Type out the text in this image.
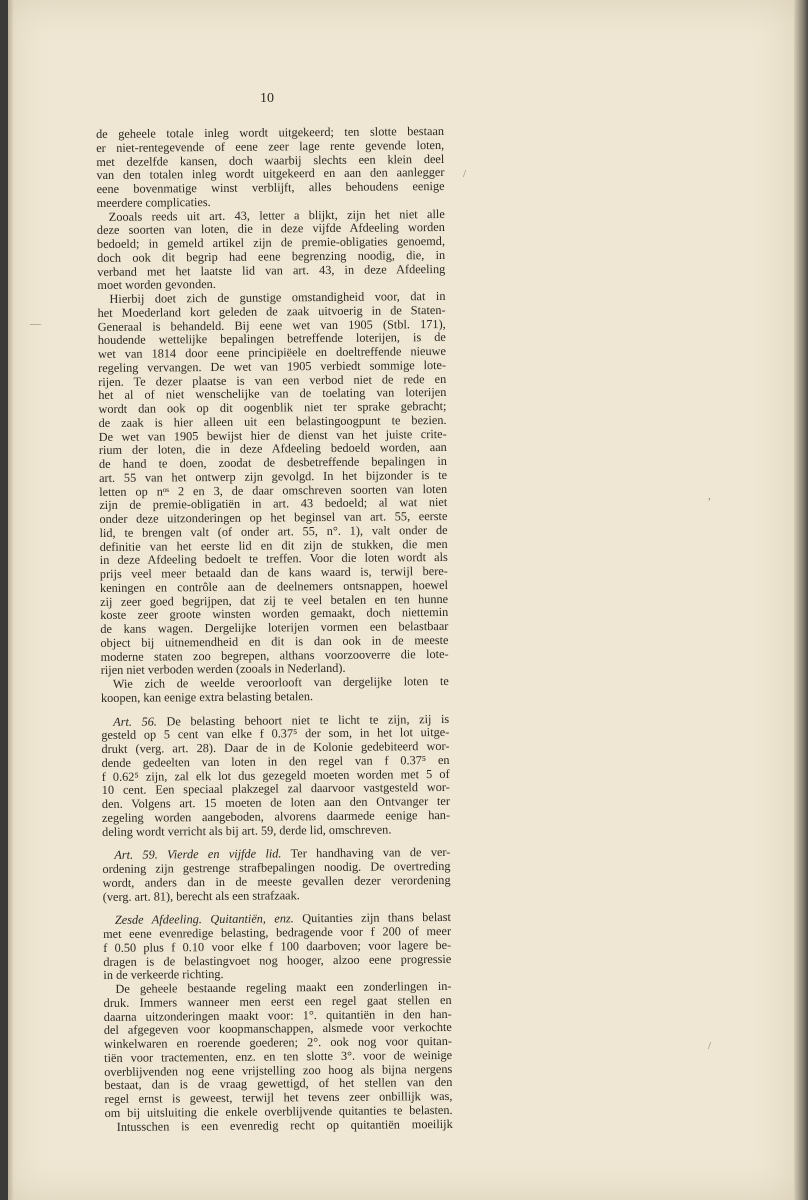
10
de geheele totale inleg wordt uitgekeerd; ten slotte bestaan
er niet-rentegevende of eene zeer lage rente gevende loten,
met dezelfde kansen, doch waarbij slechts een klein deel
van den totalen inleg wordt uitgekeerd en aan den aanlegger
eene bovenmatige winst verblijft, alles behoudens eenige
meerdere complicaties.
Zooals reeds uit art. 43, letter a blijkt, zijn het niet alle
deze soorten van loten, die in deze vijfde Afdeeling worden
bedoeld; in gemeld artikel zijn de premie-obligaties genoemd,
doch ook dit begrip had eene begrenzing noodig, die, in
verband met het laatste lid van art. 43, in deze Afdeeling
moet worden gevonden.
Hierbij doet zich de gunstige omstandigheid voor, dat in
het Moederland kort geleden de zaak uitvoerig in de Staten-
Generaal is behandeld. Bij eene wet van 1905 (Stbl. 171),
houdende wettelijke bepalingen betreffende loterijen, is de
wet van 1814 door eene principiëele en doeltreffende nieuwe
regeling vervangen. De wet van 1905 verbiedt sommige lote-
rijen. Te dezer plaatse is van een verbod niet de rede en
het al of niet wenschelijke van de toelating van loterijen
wordt dan ook op dit oogenblik niet ter sprake gebracht;
de zaak is hier alleen uit een belastingoogpunt te bezien.
De wet van 1905 bewijst hier de dienst van het juiste crite-
rium der loten, die in deze Afdeeling bedoeld worden, aan
de hand te doen, zoodat de desbetreffende bepalingen in
art. 55 van het ontwerp zijn gevolgd. In het bijzonder is te
letten op nᵒˢ 2 en 3, de daar omschreven soorten van loten
zijn de premie-obligatiën in art. 43 bedoeld; al wat niet
onder deze uitzonderingen op het beginsel van art. 55, eerste
lid, te brengen valt (of onder art. 55, n°. 1), valt onder de
definitie van het eerste lid en dit zijn de stukken, die men
in deze Afdeeling bedoelt te treffen. Voor die loten wordt als
prijs veel meer betaald dan de kans waard is, terwijl bere-
keningen en contrôle aan de deelnemers ontsnappen, hoewel
zij zeer goed begrijpen, dat zij te veel betalen en ten hunne
koste zeer groote winsten worden gemaakt, doch niettemin
de kans wagen. Dergelijke loterijen vormen een belastbaar
object bij uitnemendheid en dit is dan ook in de meeste
moderne staten zoo begrepen, althans voorzooverre die lote-
rijen niet verboden werden (zooals in Nederland).
Wie zich de weelde veroorlooft van dergelijke loten te
koopen, kan eenige extra belasting betalen.
Art. 56. De belasting behoort niet te licht te zijn, zij is
gesteld op 5 cent van elke f 0.37⁵ der som, in het lot uitge-
drukt (verg. art. 28). Daar de in de Kolonie gedebiteerd wor-
dende gedeelten van loten in den regel van f 0.37⁵ en
f 0.62⁵ zijn, zal elk lot dus gezegeld moeten worden met 5 of
10 cent. Een speciaal plakzegel zal daarvoor vastgesteld wor-
den. Volgens art. 15 moeten de loten aan den Ontvanger ter
zegeling worden aangeboden, alvorens daarmede eenige han-
deling wordt verricht als bij art. 59, derde lid, omschreven.
Art. 59. Vierde en vijfde lid. Ter handhaving van de ver-
ordening zijn gestrenge strafbepalingen noodig. De overtreding
wordt, anders dan in de meeste gevallen dezer verordening
(verg. art. 81), berecht als een strafzaak.
Zesde Afdeeling. Quitantiën, enz. Quitanties zijn thans belast
met eene evenredige belasting, bedragende voor f 200 of meer
f 0.50 plus f 0.10 voor elke f 100 daarboven; voor lagere be-
dragen is de belastingvoet nog hooger, alzoo eene progressie
in de verkeerde richting.
De geheele bestaande regeling maakt een zonderlingen in-
druk. Immers wanneer men eerst een regel gaat stellen en
daarna uitzonderingen maakt voor: 1°. quitantiën in den han-
del afgegeven voor koopmanschappen, alsmede voor verkochte
winkelwaren en roerende goederen; 2°. ook nog voor quitan-
tiën voor tractementen, enz. en ten slotte 3°. voor de weinige
overblijvenden nog eene vrijstelling zoo hoog als bijna nergens
bestaat, dan is de vraag gewettigd, of het stellen van den
regel ernst is geweest, terwijl het tevens zeer onbillijk was,
om bij uitsluiting die enkele overblijvende quitanties te belasten.
Intusschen is een evenredig recht op quitantiën moeilijk
/
—
,
/
